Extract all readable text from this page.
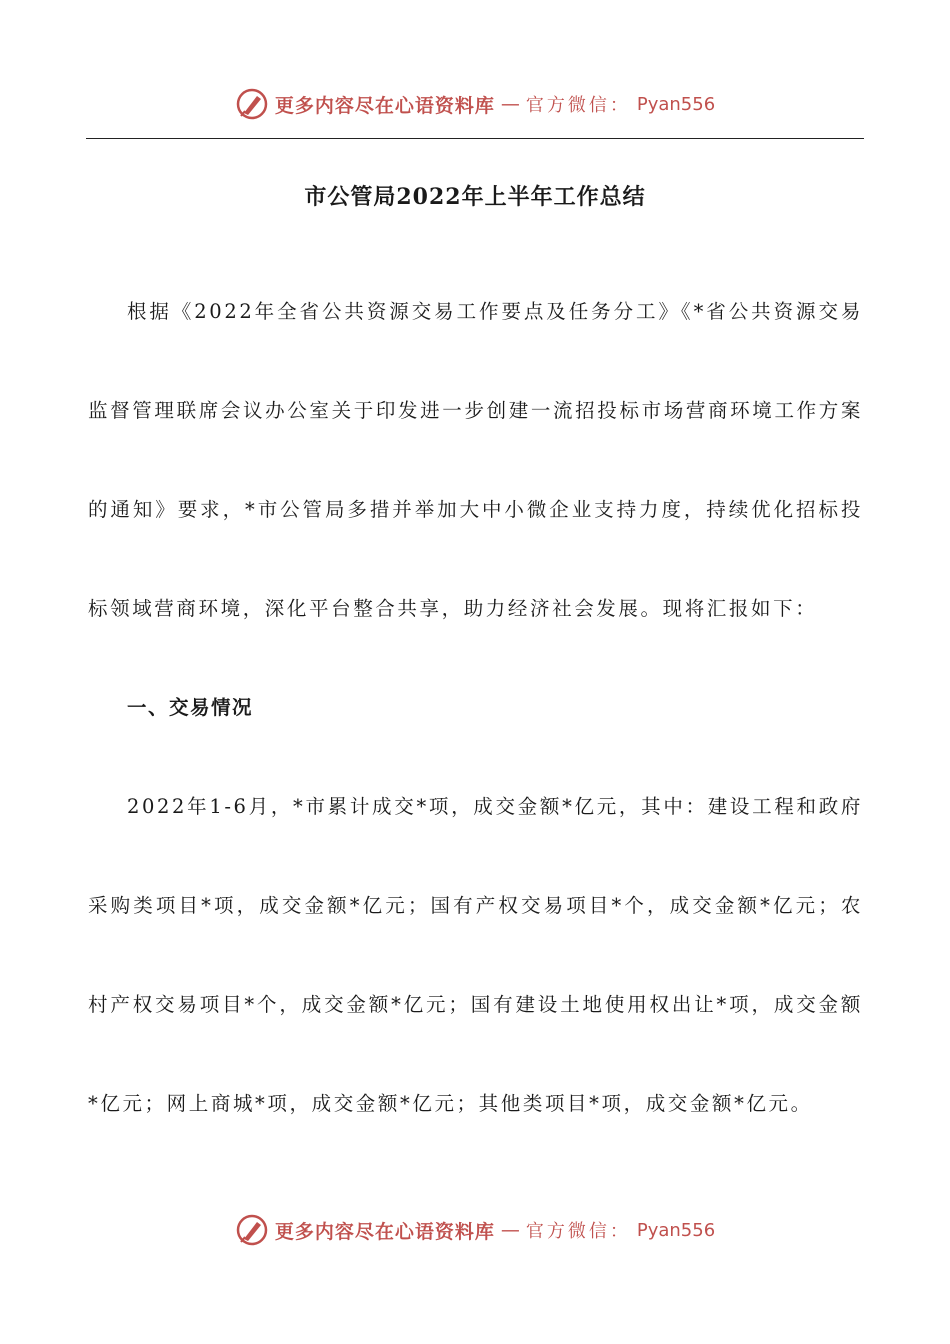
更多内容尽在心语资料库 — 官方微信： Pyan556
市公管局2022年上半年工作总结

根据《2022年全省公共资源交易工作要点及任务分工》《*省公共资源交易监督管理联席会议办公室关于印发进一步创建一流招投标市场营商环境工作方案的通知》要求，*市公管局多措并举加大中小微企业支持力度，持续优化招标投标领域营商环境，深化平台整合共享，助力经济社会发展。现将汇报如下：

一、交易情况

2022年1-6月，*市累计成交*项，成交金额*亿元，其中：建设工程和政府采购类项目*项，成交金额*亿元；国有产权交易项目*个，成交金额*亿元；农村产权交易项目*个，成交金额*亿元；国有建设土地使用权出让*项，成交金额*亿元；网上商城*项，成交金额*亿元；其他类项目*项，成交金额*亿元。

更多内容尽在心语资料库 — 官方微信： Pyan556
